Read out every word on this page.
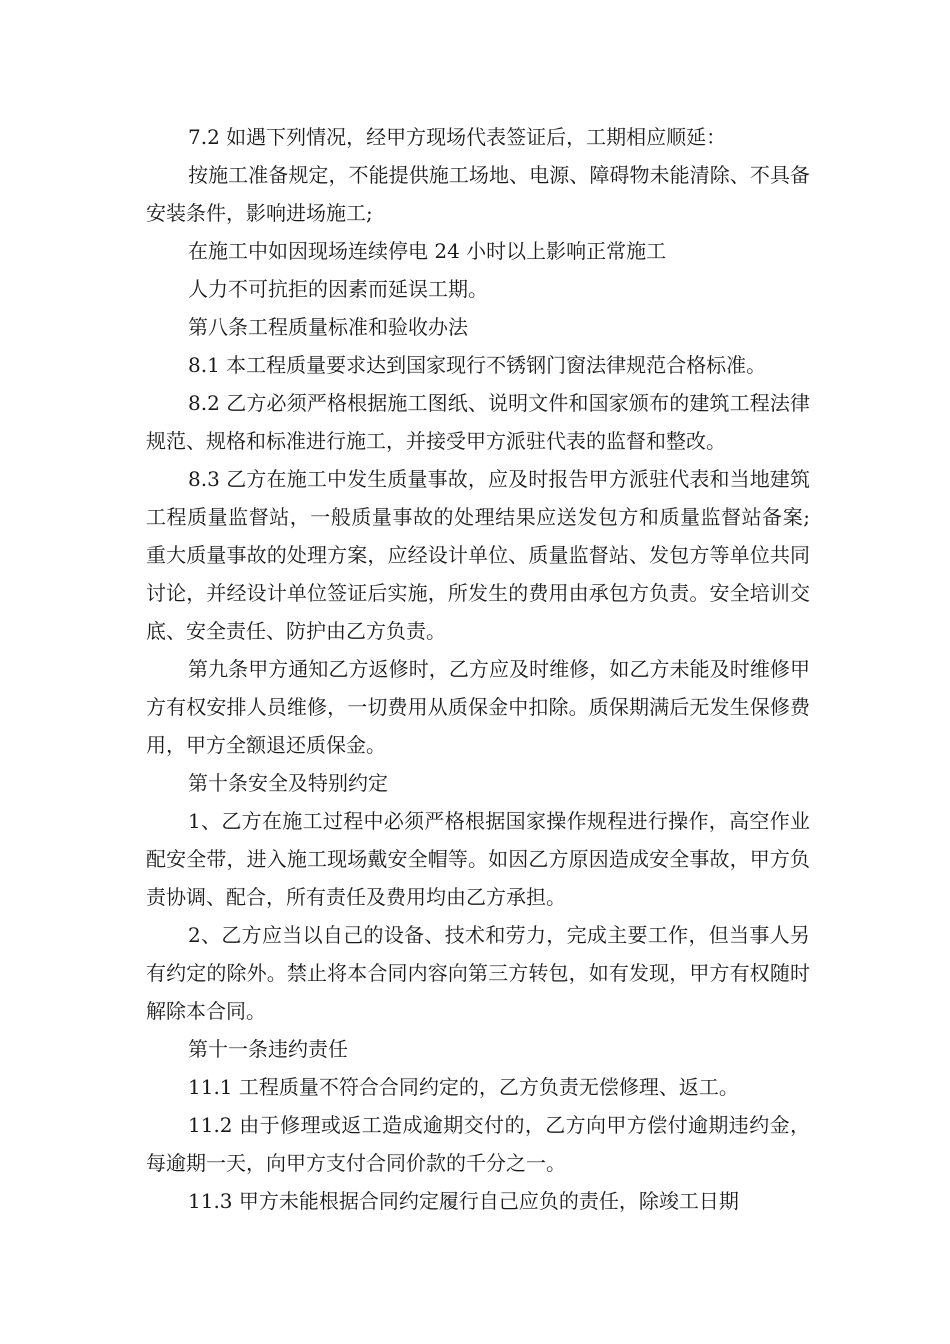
7.2 如遇下列情况，经甲方现场代表签证后，工期相应顺延：

按施工准备规定，不能提供施工场地、电源、障碍物未能清除、不具备安装条件，影响进场施工;

在施工中如因现场连续停电 24 小时以上影响正常施工

人力不可抗拒的因素而延误工期。

第八条工程质量标准和验收办法

8.1 本工程质量要求达到国家现行不锈钢门窗法律规范合格标准。

8.2 乙方必须严格根据施工图纸、说明文件和国家颁布的建筑工程法律规范、规格和标准进行施工，并接受甲方派驻代表的监督和整改。

8.3 乙方在施工中发生质量事故，应及时报告甲方派驻代表和当地建筑工程质量监督站，一般质量事故的处理结果应送发包方和质量监督站备案;重大质量事故的处理方案，应经设计单位、质量监督站、发包方等单位共同讨论，并经设计单位签证后实施，所发生的费用由承包方负责。安全培训交底、安全责任、防护由乙方负责。

第九条甲方通知乙方返修时，乙方应及时维修，如乙方未能及时维修甲方有权安排人员维修，一切费用从质保金中扣除。质保期满后无发生保修费用，甲方全额退还质保金。

第十条安全及特别约定

1、乙方在施工过程中必须严格根据国家操作规程进行操作，高空作业配安全带，进入施工现场戴安全帽等。如因乙方原因造成安全事故，甲方负责协调、配合，所有责任及费用均由乙方承担。

2、乙方应当以自己的设备、技术和劳力，完成主要工作，但当事人另有约定的除外。禁止将本合同内容向第三方转包，如有发现，甲方有权随时解除本合同。

第十一条违约责任

11.1 工程质量不符合合同约定的，乙方负责无偿修理、返工。

11.2 由于修理或返工造成逾期交付的，乙方向甲方偿付逾期违约金，每逾期一天，向甲方支付合同价款的千分之一。

11.3 甲方未能根据合同约定履行自己应负的责任，除竣工日期
